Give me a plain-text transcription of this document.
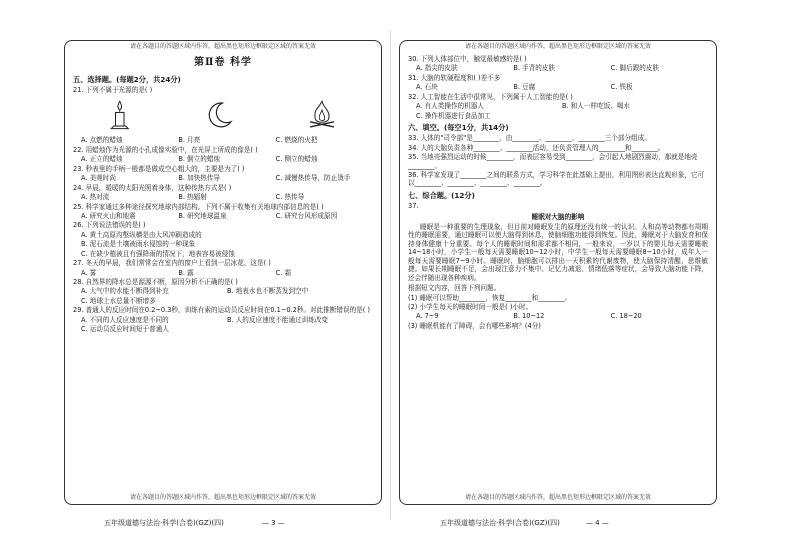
请在各题目的答题区域内作答，超出黑色矩形边框限定区域的答案无效
第Ⅱ卷 科学
五、选择题。(每题2分，共24分)
21. 下列不属于光源的是( )
A. 点燃的蜡烛	B. 月亮	C. 燃烧的火把
22. 用蜡烛作为光源的小孔成像实验中，在光屏上所成的像是( )
A. 正立的蜡烛	B. 倒立的蜡烛	C. 侧立的蜡烛
23. 秒表里的手柄一般都是做成空心粗大的，主要是为了( )
A. 美观时尚	B. 加快热传导	C. 减慢热传导，防止烫手
24. 早晨，暖暖的太阳光照着身体，这种传热方式是( )
A. 热对流	B. 热辐射	C. 热传导
25. 科学家通过多种途径探究地球内部结构。下列不属于收集有关地球内部信息的是( )
A. 研究火山和地震	B. 研究地球温泉	C. 研究台风形成原因
26. 下列说法错误的是( )
A. 黄土高原沟壑纵横是由大风冲刷造成的
B. 泥石流是土壤被雨水侵蚀的一种现象
C. 在缺少植被且有强降雨的情况下，地表容易被侵蚀
27. 冬天的早晨，我们常常会在室内的窗户上看到一层冰花，这是( )
A. 雾	B. 露	C. 霜
28. 自然界的降水总是源源不断，原因分析不正确的是( )
A. 大气中的水能不断得到补充	B. 地表水也不断蒸发到空中
C. 地球上水总量不断增多
29. 普通人的反应时间在0.2~0.3秒，训练有素的运动员反应时间在0.1~0.2秒。对此推断错误的是( )
A. 不同的人反应速度是不同的	B. 人的反应速度不能通过训练改变
C. 运动员反应时间短于普通人
请在各题目的答题区域内作答，超出黑色矩形边框限定区域的答案无效
请在各题目的答题区域内作答，超出黑色矩形边框限定区域的答案无效
30. 下列人体部位中，触觉最敏感的是( )
A. 指尖的皮肤	B. 手背的皮肤	C. 脚后跟的皮肤
31. 大脑的软硬程度和( )差不多
A. 石块	B. 豆腐	C. 铁板
32. 人工智能在生活中很常见，下列属于人工智能的是( )
A. 有人类操作的机器人	B. 和人一样吃饭、喝水
C. 操作机器进行食品加工
六、填空。(每空1分，共14分)
33. 人体的"司令部"是________，由________、________、________三个部分组成。
34. 人的大脑负责各种________、________活动，还负责管理人的________和________。
35. 当地壳强烈运动的时候________，而表层容易受到________，会引起人地剧烈震动，那就是地壳________。
36. 科学家发现了________之间的联系方式，学习科学在此基础上提出，利用图形表达直观形象，它可以________、________、________、________。
七、综合题。(12分)
37.
睡眠对大脑的影响
睡眠是一种重要的生理现象，但目前对睡眠发生的原理还没有统一的认识。人和高等动物都有周期性的睡眠需要，通过睡眠可以使大脑得到休息，使脑细胞功能得到恢复。因此，睡眠对于大脑发育和保持身体健康十分重要。每个人的睡眠时间和需求都不相同，一般来说，一岁以下的婴儿每天需要睡眠14~18小时，小学生一般每天需要睡眠10~12小时，中学生一般每天需要睡眠8~10小时，成年人一般每天需要睡眠7~9小时。睡眠时，脑细胞可以排出一天积累的代谢废物，使大脑保持清醒、思维敏捷。如果长期睡眠不足，会出现注意力不集中、记忆力减退、情绪低落等症状，会导致大脑功能下降，还会伴随出现各种疾病。
根据短文内容，回答下列问题。
(1) 睡眠可以帮助________，恢复________和________。
(2) 小学生每天的睡眠时间一般是( )小时。
A. 7~9	B. 10~12	C. 18~20
(3) 睡眠机能有了障碍，会有哪些影响？(4分)
请在各题目的答题区域内作答，超出黑色矩形边框限定区域的答案无效
五年级道德与法治·科学(合卷)(GZ)(四)	— 3 —	五年级道德与法治·科学(合卷)(GZ)(四)	— 4 —
